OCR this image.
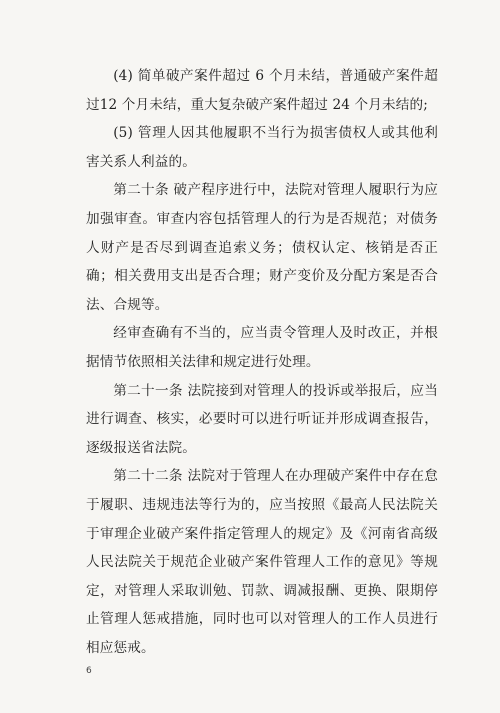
(4) 简单破产案件超过 6 个月未结，普通破产案件超过12 个月未结，重大复杂破产案件超过 24 个月未结的;

(5) 管理人因其他履职不当行为损害债权人或其他利害关系人利益的。

第二十条 破产程序进行中，法院对管理人履职行为应加强审查。审查内容包括管理人的行为是否规范；对债务人财产是否尽到调查追索义务；债权认定、核销是否正确；相关费用支出是否合理；财产变价及分配方案是否合法、合规等。

经审查确有不当的，应当责令管理人及时改正，并根据情节依照相关法律和规定进行处理。

第二十一条 法院接到对管理人的投诉或举报后，应当进行调查、核实，必要时可以进行听证并形成调查报告，逐级报送省法院。

第二十二条 法院对于管理人在办理破产案件中存在怠于履职、违规违法等行为的，应当按照《最高人民法院关于审理企业破产案件指定管理人的规定》及《河南省高级人民法院关于规范企业破产案件管理人工作的意见》等规定，对管理人采取训勉、罚款、调减报酬、更换、限期停止管理人惩戒措施，同时也可以对管理人的工作人员进行相应惩戒。

6
